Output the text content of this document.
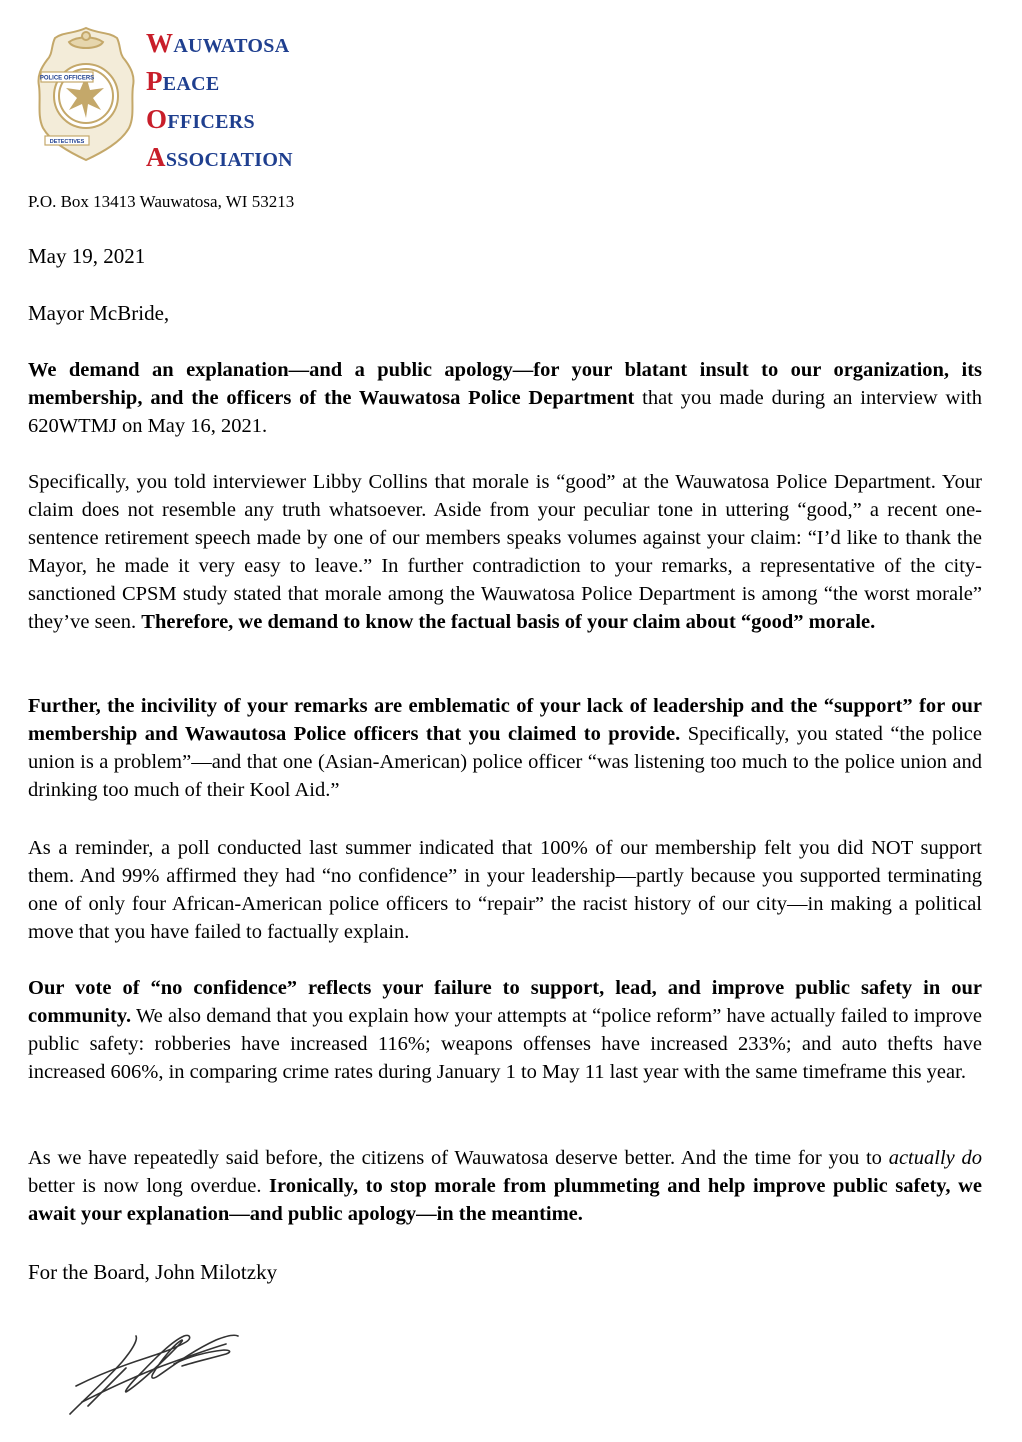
POLICE OFFICERS
DETECTIVES
WAUWATOSA
PEACE
OFFICERS
ASSOCIATION
P.O. Box 13413 Wauwatosa, WI 53213
May 19, 2021
Mayor McBride,

We demand an explanation—and a public apology—for your blatant insult to our organization, its membership, and the officers of the Wauwatosa Police Department that you made during an interview with 620WTMJ on May 16, 2021.

Specifically, you told interviewer Libby Collins that morale is “good” at the Wauwatosa Police Department. Your claim does not resemble any truth whatsoever. Aside from your peculiar tone in uttering “good,” a recent one-sentence retirement speech made by one of our members speaks volumes against your claim: “I’d like to thank the Mayor, he made it very easy to leave.” In further contradiction to your remarks, a representative of the city-sanctioned CPSM study stated that morale among the Wauwatosa Police Department is among “the worst morale” they’ve seen. Therefore, we demand to know the factual basis of your claim about “good” morale.

Further, the incivility of your remarks are emblematic of your lack of leadership and the “support” for our membership and Wawautosa Police officers that you claimed to provide. Specifically, you stated “the police union is a problem”—and that one (Asian-American) police officer “was listening too much to the police union and drinking too much of their Kool Aid.”

As a reminder, a poll conducted last summer indicated that 100% of our membership felt you did NOT support them. And 99% affirmed they had “no confidence” in your leadership—partly because you supported terminating one of only four African-American police officers to “repair” the racist history of our city—in making a political move that you have failed to factually explain.

Our vote of “no confidence” reflects your failure to support, lead, and improve public safety in our community. We also demand that you explain how your attempts at “police reform” have actually failed to improve public safety: robberies have increased 116%; weapons offenses have increased 233%; and auto thefts have increased 606%, in comparing crime rates during January 1 to May 11 last year with the same timeframe this year.

As we have repeatedly said before, the citizens of Wauwatosa deserve better. And the time for you to actually do better is now long overdue. Ironically, to stop morale from plummeting and help improve public safety, we await your explanation—and public apology—in the meantime.

For the Board, John Milotzky
